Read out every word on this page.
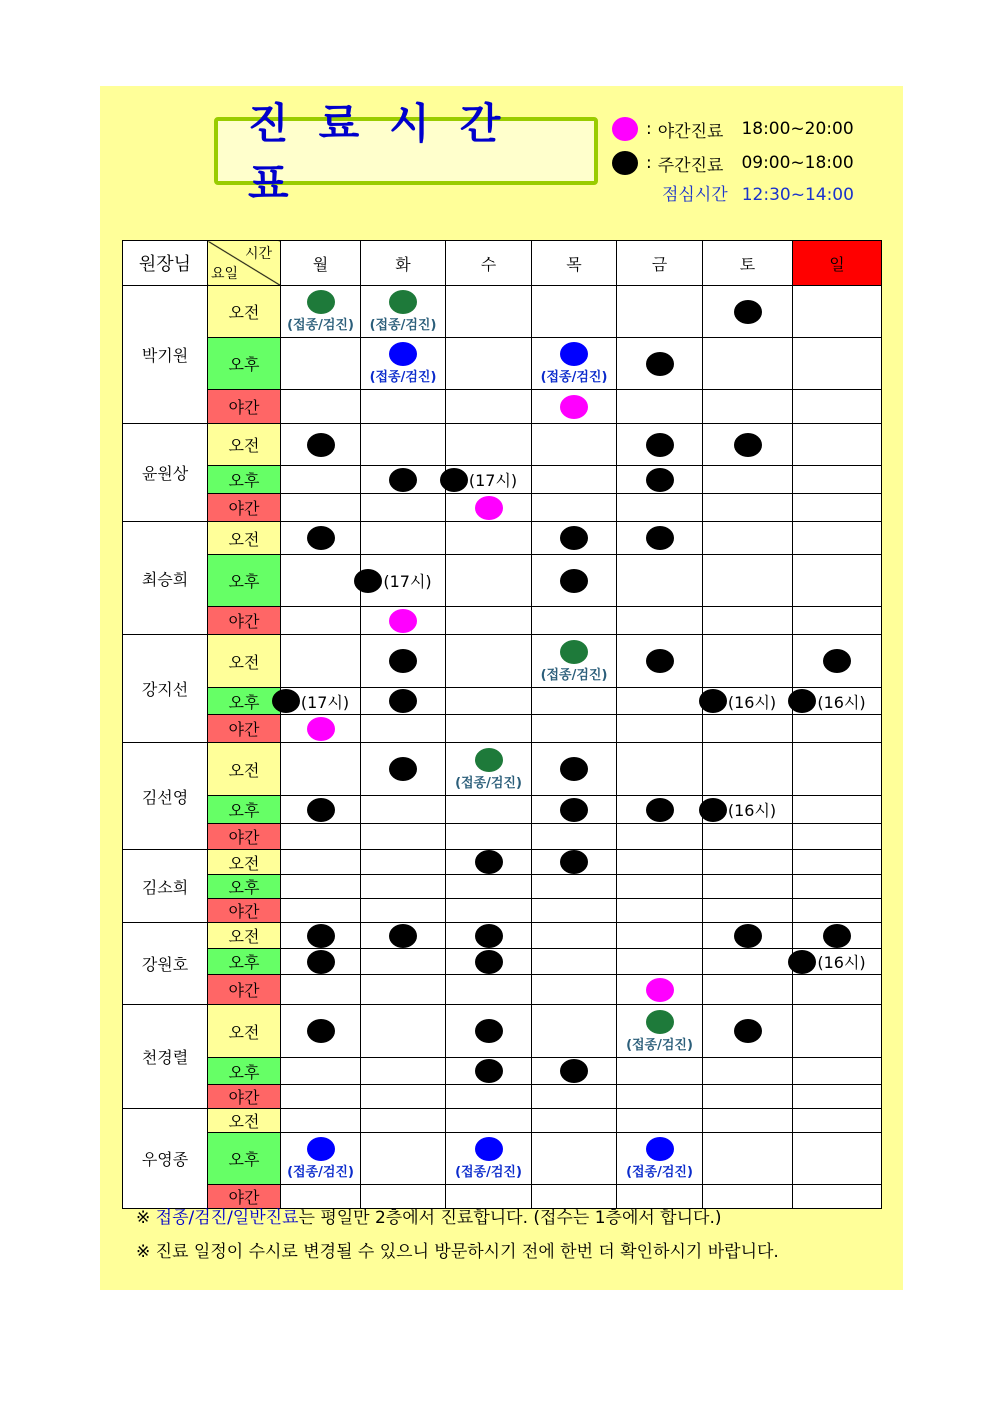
진료시간표
: 야간진료 18:00~20:00
: 주간진료 09:00~18:00
점심시간 12:30~14:00
원장님	시간
요일	월	화	수	목	금	토	일
박기원	오전	(접종/검진)	(접종/검진)					

	오후		(접종/검진)		(접종/검진)			

	야간							
윤원상	오전							
	오후			(17시)				

	야간							
최승희	오전							
	오후		(17시)					

	야간							
강지선	오전				(접종/검진)			

	오후	(17시)					(16시)	(16시)

	야간							
김선영	오전			(접종/검진)				

	오후						(16시)	

	야간							
김소희	오전							
	오후							
	야간							
강원호	오전							
	오후							(16시)

	야간							
천경렬	오전					(접종/검진)		

	오후							
	야간							
우영종	오전							
	오후	(접종/검진)		(접종/검진)		(접종/검진)		

	야간							
※ 접종/검진/일반진료는 평일만 2층에서 진료합니다. (접수는 1층에서 합니다.)
※ 진료 일정이 수시로 변경될 수 있으니 방문하시기 전에 한번 더 확인하시기 바랍니다.
